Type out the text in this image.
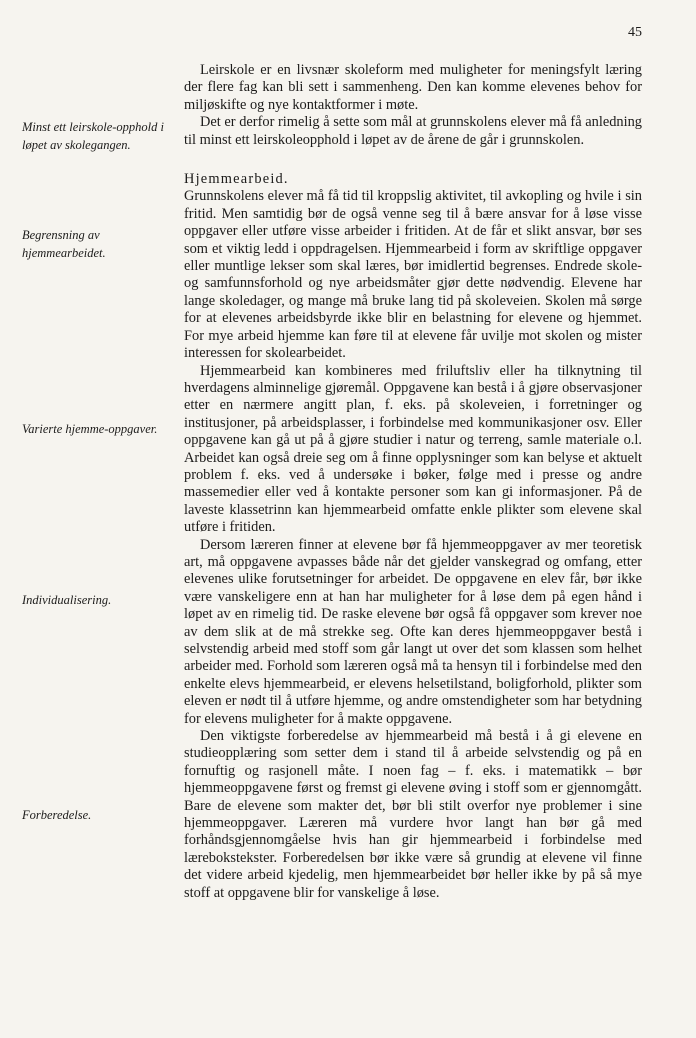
45
Minst ett leirskole-opphold i løpet av skolegangen.
Begrensning av hjemmearbeidet.
Varierte hjemme-oppgaver.
Individualisering.
Forberedelse.

Leirskole er en livsnær skoleform med muligheter for meningsfylt læring der flere fag kan bli sett i sammenheng. Den kan komme elevenes behov for miljøskifte og nye kontaktformer i møte.

Det er derfor rimelig å sette som mål at grunnskolens elever må få anledning til minst ett leirskoleopphold i løpet av de årene de går i grunnskolen.

Hjemmearbeid.

Grunnskolens elever må få tid til kroppslig aktivitet, til avkopling og hvile i sin fritid. Men samtidig bør de også venne seg til å bære ansvar for å løse visse oppgaver eller utføre visse arbeider i fritiden. At de får et slikt ansvar, bør ses som et viktig ledd i oppdragelsen. Hjemmearbeid i form av skriftlige oppgaver eller muntlige lekser som skal læres, bør imidlertid begrenses. Endrede skole- og samfunnsforhold og nye arbeidsmåter gjør dette nødvendig. Elevene har lange skoledager, og mange må bruke lang tid på skoleveien. Skolen må sørge for at elevenes arbeidsbyrde ikke blir en belastning for elevene og hjemmet. For mye arbeid hjemme kan føre til at elevene får uvilje mot skolen og mister interessen for skolearbeidet.

Hjemmearbeid kan kombineres med friluftsliv eller ha tilknytning til hverdagens alminnelige gjøremål. Oppgavene kan bestå i å gjøre observasjoner etter en nærmere angitt plan, f. eks. på skoleveien, i forretninger og institusjoner, på arbeidsplasser, i forbindelse med kommunikasjoner osv. Eller oppgavene kan gå ut på å gjøre studier i natur og terreng, samle materiale o.l. Arbeidet kan også dreie seg om å finne opplysninger som kan belyse et aktuelt problem f. eks. ved å undersøke i bøker, følge med i presse og andre massemedier eller ved å kontakte personer som kan gi informasjoner. På de laveste klassetrinn kan hjemmearbeid omfatte enkle plikter som elevene skal utføre i fritiden.

Dersom læreren finner at elevene bør få hjemmeoppgaver av mer teoretisk art, må oppgavene avpasses både når det gjelder vanskegrad og omfang, etter elevenes ulike forutsetninger for arbeidet. De oppgavene en elev får, bør ikke være vanskeligere enn at han har muligheter for å løse dem på egen hånd i løpet av en rimelig tid. De raske elevene bør også få oppgaver som krever noe av dem slik at de må strekke seg. Ofte kan deres hjemmeoppgaver bestå i selvstendig arbeid med stoff som går langt ut over det som klassen som helhet arbeider med. Forhold som læreren også må ta hensyn til i forbindelse med den enkelte elevs hjemmearbeid, er elevens helsetilstand, boligforhold, plikter som eleven er nødt til å utføre hjemme, og andre omstendigheter som har betydning for elevens muligheter for å makte oppgavene.

Den viktigste forberedelse av hjemmearbeid må bestå i å gi elevene en studieopplæring som setter dem i stand til å arbeide selvstendig og på en fornuftig og rasjonell måte. I noen fag – f. eks. i matematikk – bør hjemmeoppgavene først og fremst gi elevene øving i stoff som er gjennomgått. Bare de elevene som makter det, bør bli stilt overfor nye problemer i sine hjemmeoppgaver. Læreren må vurdere hvor langt han bør gå med forhåndsgjennomgåelse hvis han gir hjemmearbeid i forbindelse med lærebokstekster. Forberedelsen bør ikke være så grundig at elevene vil finne det videre arbeid kjedelig, men hjemmearbeidet bør heller ikke by på så mye stoff at oppgavene blir for vanskelige å løse.
